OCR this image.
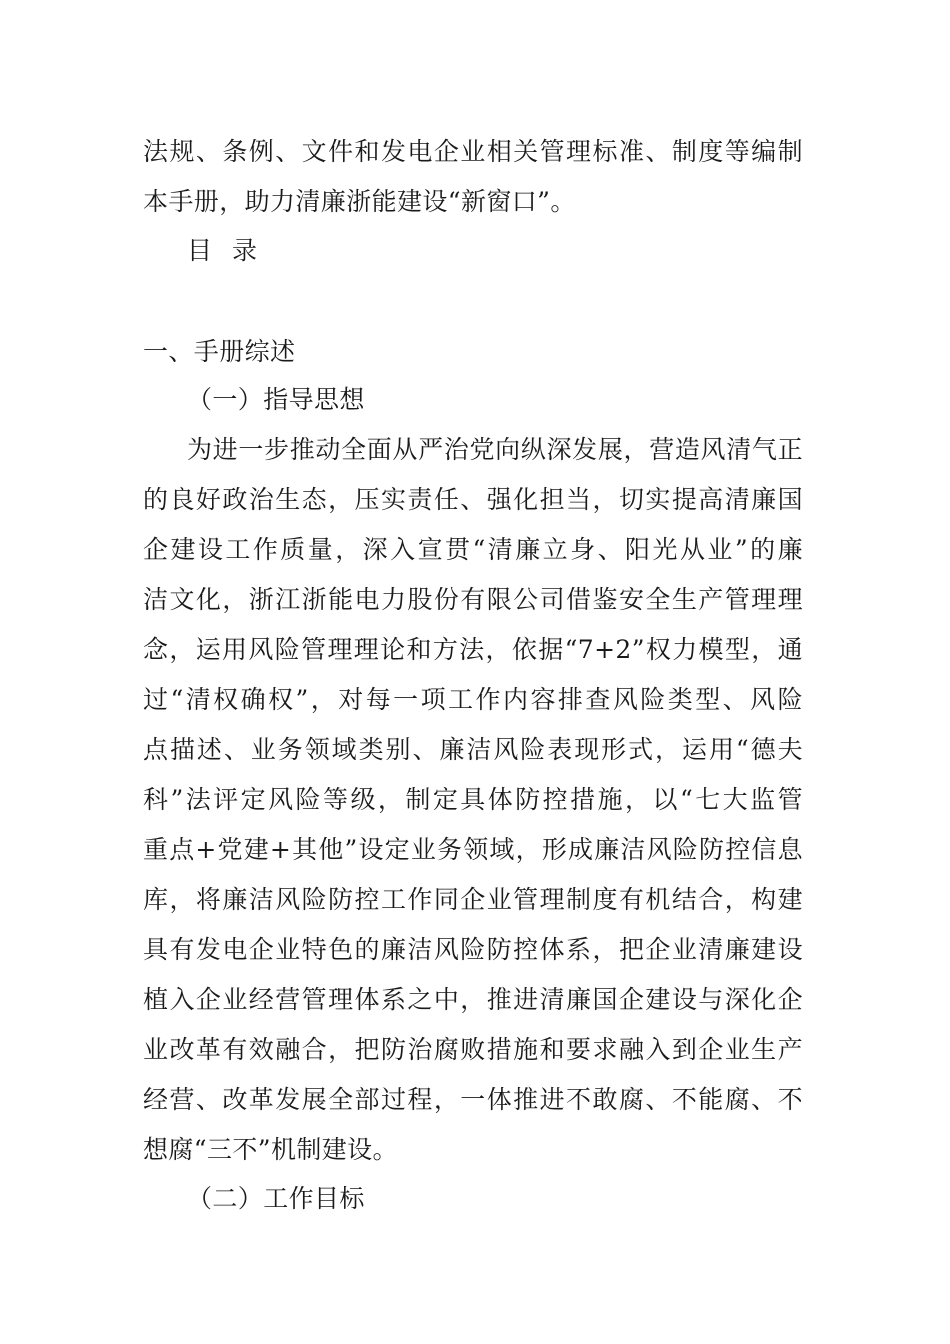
法规、条例、文件和发电企业相关管理标准、制度等编制
本手册，助力清廉浙能建设“新窗口”。
目 录
一、手册综述
（一）指导思想
为进一步推动全面从严治党向纵深发展，营造风清气正
的良好政治生态，压实责任、强化担当，切实提高清廉国
企建设工作质量，深入宣贯“清廉立身、阳光从业”的廉
洁文化，浙江浙能电力股份有限公司借鉴安全生产管理理
念，运用风险管理理论和方法，依据“7+2”权力模型，通
过“清权确权”，对每一项工作内容排查风险类型、风险
点描述、业务领域类别、廉洁风险表现形式，运用“德夫
科”法评定风险等级，制定具体防控措施，以“七大监管
重点+党建+其他”设定业务领域，形成廉洁风险防控信息
库，将廉洁风险防控工作同企业管理制度有机结合，构建
具有发电企业特色的廉洁风险防控体系，把企业清廉建设
植入企业经营管理体系之中，推进清廉国企建设与深化企
业改革有效融合，把防治腐败措施和要求融入到企业生产
经营、改革发展全部过程，一体推进不敢腐、不能腐、不
想腐“三不”机制建设。
（二）工作目标
